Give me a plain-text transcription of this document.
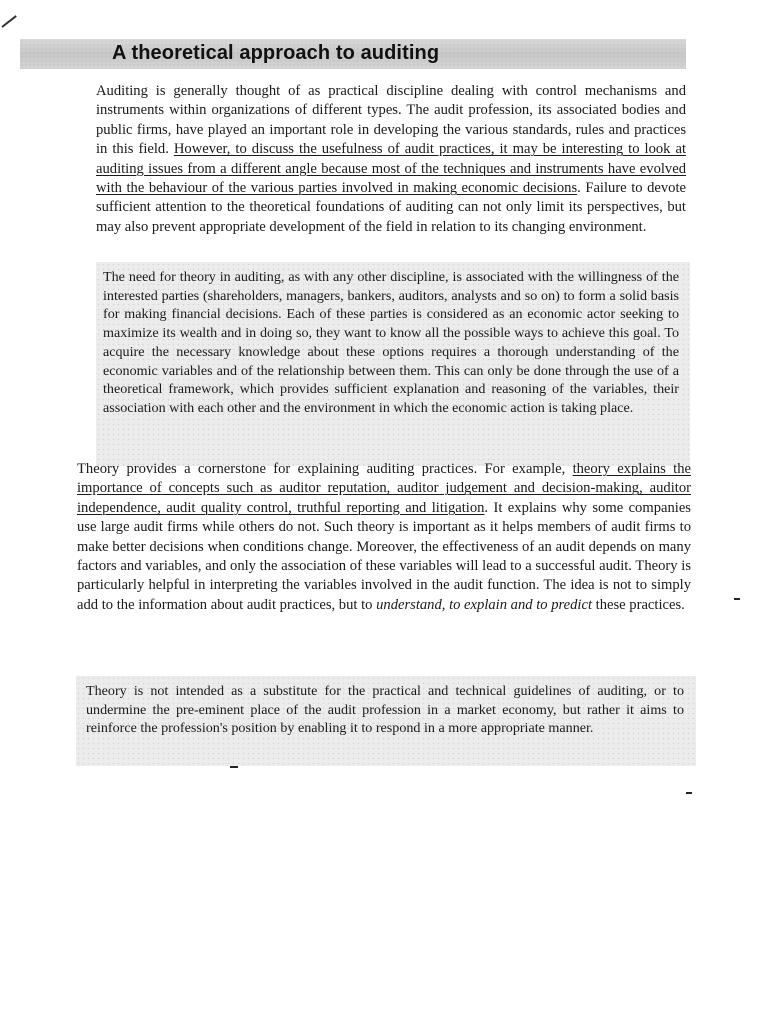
A theoretical approach to auditing

Auditing is generally thought of as practical discipline dealing with control mechanisms and instruments within organizations of different types. The audit profession, its associated bodies and public firms, have played an important role in developing the various standards, rules and practices in this field. However, to discuss the usefulness of audit practices, it may be interesting to look at auditing issues from a different angle because most of the techniques and instruments have evolved with the behaviour of the various parties involved in making economic decisions. Failure to devote sufficient attention to the theoretical foundations of auditing can not only limit its perspectives, but may also prevent appropriate development of the field in relation to its changing environment.

The need for theory in auditing, as with any other discipline, is associated with the willingness of the interested parties (shareholders, managers, bankers, auditors, analysts and so on) to form a solid basis for making financial decisions. Each of these parties is considered as an economic actor seeking to maximize its wealth and in doing so, they want to know all the possible ways to achieve this goal. To acquire the necessary knowledge about these options requires a thorough understanding of the economic variables and of the relationship between them. This can only be done through the use of a theoretical framework, which provides sufficient explanation and reasoning of the variables, their association with each other and the environment in which the economic action is taking place.

Theory provides a cornerstone for explaining auditing practices. For example, theory explains the importance of concepts such as auditor reputation, auditor judgement and decision-making, auditor independence, audit quality control, truthful reporting and litigation. It explains why some companies use large audit firms while others do not. Such theory is important as it helps members of audit firms to make better decisions when conditions change. Moreover, the effectiveness of an audit depends on many factors and variables, and only the association of these variables will lead to a successful audit. Theory is particularly helpful in interpreting the variables involved in the audit function. The idea is not to simply add to the information about audit practices, but to understand, to explain and to predict these practices.

Theory is not intended as a substitute for the practical and technical guidelines of auditing, or to undermine the pre-eminent place of the audit profession in a market economy, but rather it aims to reinforce the profession's position by enabling it to respond in a more appropriate manner.
